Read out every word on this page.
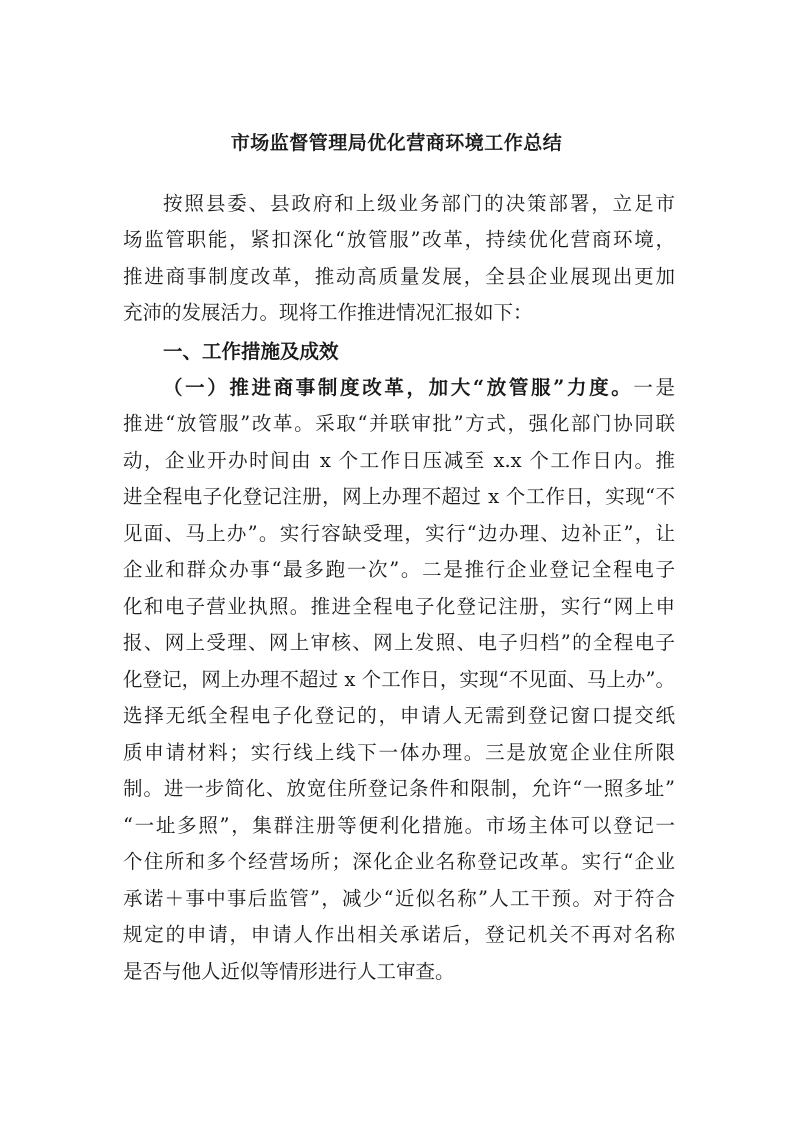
市场监督管理局优化营商环境工作总结

按照县委、县政府和上级业务部门的决策部署，立足市

场监管职能，紧扣深化“放管服”改革，持续优化营商环境，

推进商事制度改革，推动高质量发展，全县企业展现出更加

充沛的发展活力。现将工作推进情况汇报如下：

一、工作措施及成效

（一）推进商事制度改革，加大“放管服”力度。一是

推进“放管服”改革。采取“并联审批”方式，强化部门协同联

动，企业开办时间由 x 个工作日压减至 x.x 个工作日内。推

进全程电子化登记注册，网上办理不超过 x 个工作日，实现“不

见面、马上办”。实行容缺受理，实行“边办理、边补正”，让

企业和群众办事“最多跑一次”。二是推行企业登记全程电子

化和电子营业执照。推进全程电子化登记注册，实行“网上申

报、网上受理、网上审核、网上发照、电子归档”的全程电子

化登记，网上办理不超过 x 个工作日，实现“不见面、马上办”。

选择无纸全程电子化登记的，申请人无需到登记窗口提交纸

质申请材料；实行线上线下一体办理。三是放宽企业住所限

制。进一步简化、放宽住所登记条件和限制，允许“一照多址”

“一址多照”，集群注册等便利化措施。市场主体可以登记一

个住所和多个经营场所；深化企业名称登记改革。实行“企业

承诺＋事中事后监管”，减少“近似名称”人工干预。对于符合

规定的申请，申请人作出相关承诺后，登记机关不再对名称

是否与他人近似等情形进行人工审查。
